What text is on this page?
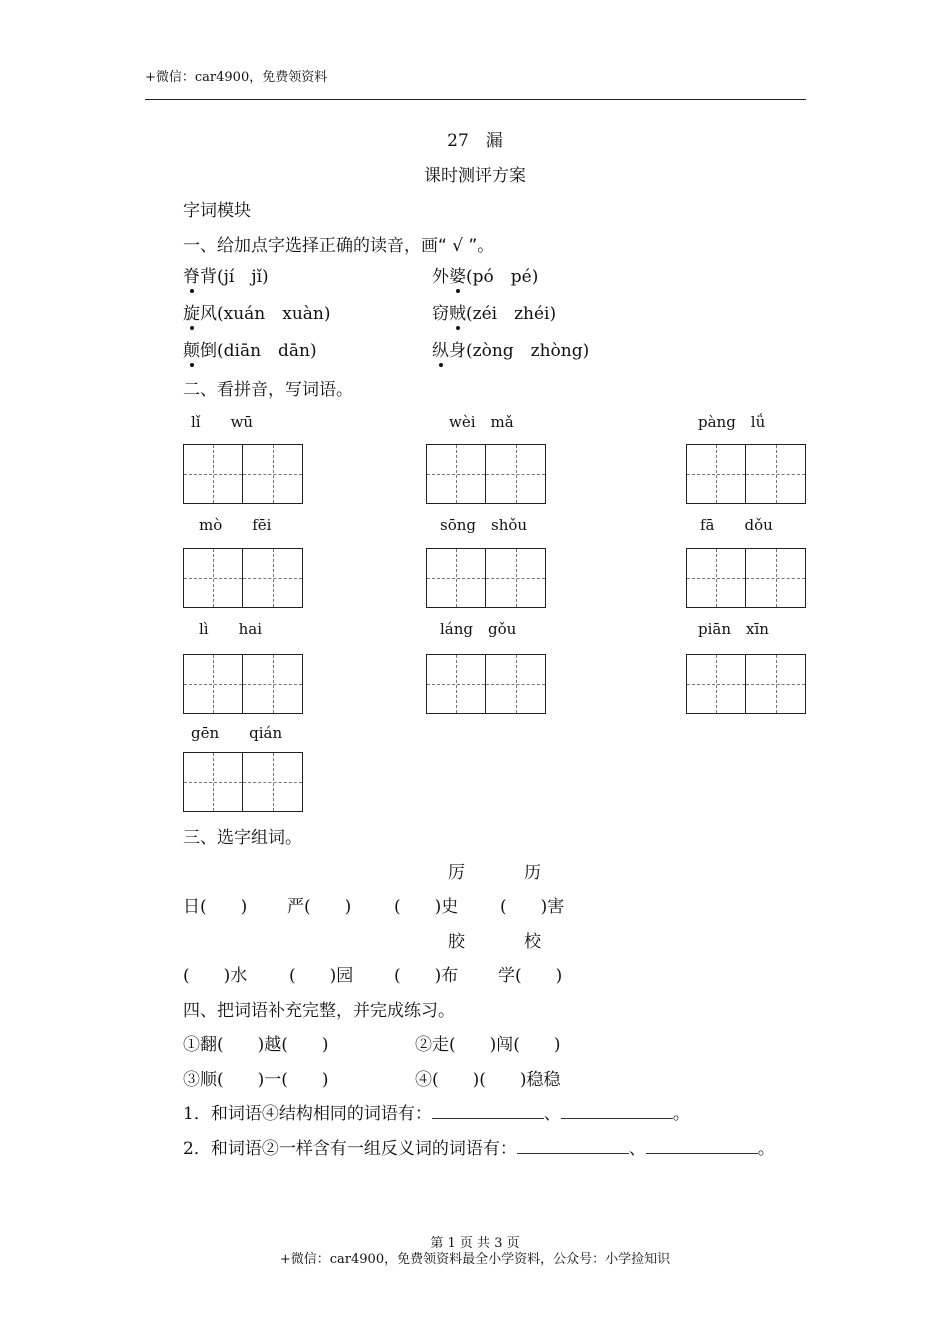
+微信：car4900，免费领资料
27　漏
课时测评方案
字词模块
一、给加点字选择正确的读音，画“ √ ”。
脊背(jí　jǐ)	外婆(pó　pé)
旋风(xuán　xuàn)	窃贼(zéi　zhéi)
颠倒(diān　dān)	纵身(zòng　zhòng)
二、看拼音，写词语。
lǐ　　wū	wèi　mǎ	pàng　lǘ
mò　　fēi	sōng　shǒu	fā　　dǒu
lì　　hai	láng　gǒu	piān　xīn
gēn　　qián
三、选字组词。
厉	历
日(　　) 严(　　)	(　　)史 (　　)害
胶	校
(　　)水 (　　)园 (　　)布 学(　　)
四、把词语补充完整，并完成练习。
①翻(　　)越(　　)	②走(　　)闯(　　)
③顺(　　)一(　　)	④(　　)(　　)稳稳
1．和词语④结构相同的词语有：	、	。
2．和词语②一样含有一组反义词的词语有：	、	。
第 1 页 共 3 页
+微信：car4900，免费领资料最全小学资料，公众号：小学捡知识
